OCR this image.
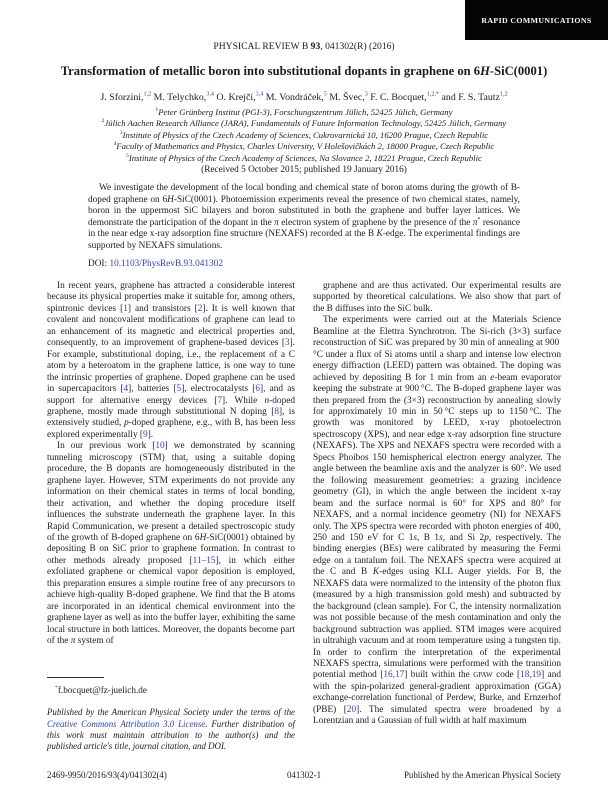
RAPID COMMUNICATIONS
PHYSICAL REVIEW B 93, 041302(R) (2016)
Transformation of metallic boron into substitutional dopants in graphene on 6H-SiC(0001)
J. Sforzini,$^{1,2}$ M. Telychko,$^{3,4}$ O. Krejčí,$^{3,4}$ M. Vondráček,$^5$ M. Švec,$^3$ F. C. Bocquet,$^{1,2,*}$ and F. S. Tautz$^{1,2}$
$^1$Peter Grünberg Institut (PGI-3), Forschungszentrum Jülich, 52425 Jülich, Germany
$^2$Jülich Aachen Research Alliance (JARA), Fundamentals of Future Information Technology, 52425 Jülich, Germany
$^3$Institute of Physics of the Czech Academy of Sciences, Cukrovarnická 10, 16200 Prague, Czech Republic
$^4$Faculty of Mathematics and Physics, Charles University, V Holešovičkách 2, 18000 Prague, Czech Republic
$^5$Institute of Physics of the Czech Academy of Sciences, Na Slovance 2, 18221 Prague, Czech Republic
(Received 5 October 2015; published 19 January 2016)

We investigate the development of the local bonding and chemical state of boron atoms during the growth of B-doped graphene on 6H-SiC(0001). Photoemission experiments reveal the presence of two chemical states, namely, boron in the uppermost SiC bilayers and boron substituted in both the graphene and buffer layer lattices. We demonstrate the participation of the dopant in the π electron system of graphene by the presence of the π* resonance in the near edge x-ray adsorption fine structure (NEXAFS) recorded at the B K-edge. The experimental findings are supported by NEXAFS simulations.

DOI: 10.1103/PhysRevB.93.041302

In recent years, graphene has attracted a considerable interest because its physical properties make it suitable for, among others, spintronic devices [1] and transistors [2]. It is well known that covalent and noncovalent modifications of graphene can lead to an enhancement of its magnetic and electrical properties and, consequently, to an improvement of graphene-based devices [3]. For example, substitutional doping, i.e., the replacement of a C atom by a heteroatom in the graphene lattice, is one way to tune the intrinsic properties of graphene. Doped graphene can be used in supercapacitors [4], batteries [5], electrocatalysts [6], and as support for alternative energy devices [7]. While n-doped graphene, mostly made through substitutional N doping [8], is extensively studied, p-doped graphene, e.g., with B, has been less explored experimentally [9].

In our previous work [10] we demonstrated by scanning tunneling microscopy (STM) that, using a suitable doping procedure, the B dopants are homogeneously distributed in the graphene layer. However, STM experiments do not provide any information on their chemical states in terms of local bonding, their activation, and whether the doping procedure itself influences the substrate underneath the graphene layer. In this Rapid Communication, we present a detailed spectroscopic study of the growth of B-doped graphene on 6H-SiC(0001) obtained by depositing B on SiC prior to graphene formation. In contrast to other methods already proposed [11–15], in which either exfoliated graphene or chemical vapor deposition is employed, this preparation ensures a simple routine free of any precursors to achieve high-quality B-doped graphene. We find that the B atoms are incorporated in an identical chemical environment into the graphene layer as well as into the buffer layer, exhibiting the same local structure in both lattices. Moreover, the dopants become part of the π system of

*f.bocquet@fz-juelich.de
Published by the American Physical Society under the terms of the Creative Commons Attribution 3.0 License. Further distribution of this work must maintain attribution to the author(s) and the published article's title, journal citation, and DOI.

graphene and are thus activated. Our experimental results are supported by theoretical calculations. We also show that part of the B diffuses into the SiC bulk.

The experiments were carried out at the Materials Science Beamline at the Elettra Synchrotron. The Si-rich (3×3) surface reconstruction of SiC was prepared by 30 min of annealing at 900 °C under a flux of Si atoms until a sharp and intense low electron energy diffraction (LEED) pattern was obtained. The doping was achieved by depositing B for 1 min from an e-beam evaporator keeping the substrate at 900 °C. The B-doped graphene layer was then prepared from the (3×3) reconstruction by annealing slowly for approximately 10 min in 50 °C steps up to 1150 °C. The growth was monitored by LEED, x-ray photoelectron spectroscopy (XPS), and near edge x-ray adsorption fine structure (NEXAFS). The XPS and NEXAFS spectra were recorded with a Specs Phoibos 150 hemispherical electron energy analyzer. The angle between the beamline axis and the analyzer is 60°. We used the following measurement geometries: a grazing incidence geometry (GI), in which the angle between the incident x-ray beam and the surface normal is 60° for XPS and 80° for NEXAFS, and a normal incidence geometry (NI) for NEXAFS only. The XPS spectra were recorded with photon energies of 400, 250 and 150 eV for C 1s, B 1s, and Si 2p, respectively. The binding energies (BEs) were calibrated by measuring the Fermi edge on a tantalum foil. The NEXAFS spectra were acquired at the C and B K-edges using KLL Auger yields. For B, the NEXAFS data were normalized to the intensity of the photon flux (measured by a high transmission gold mesh) and subtracted by the background (clean sample). For C, the intensity normalization was not possible because of the mesh contamination and only the background subtraction was applied. STM images were acquired in ultrahigh vacuum and at room temperature using a tungsten tip. In order to confirm the interpretation of the experimental NEXAFS spectra, simulations were performed with the transition potential method [16,17] built within the gpaw code [18,19] and with the spin-polarized general-gradient approximation (GGA) exchange-correlation functional of Perdew, Burke, and Ernzerhof (PBE) [20]. The simulated spectra were broadened by a Lorentzian and a Gaussian of full width at half maximum

2469-9950/2016/93(4)/041302(4)	041302-1	Published by the American Physical Society
